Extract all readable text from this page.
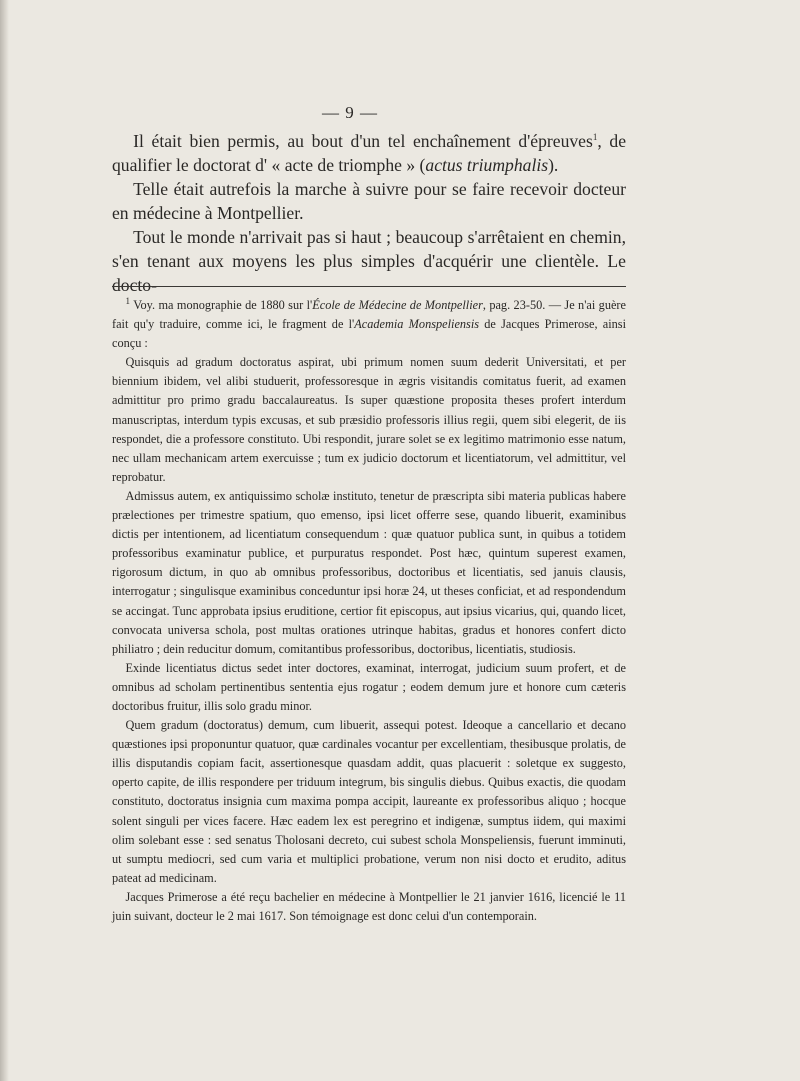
— 9 —

Il était bien permis, au bout d'un tel enchaînement d'épreuves$^1$, de qualifier le doctorat d' « acte de triomphe » (actus triumphalis).

Telle était autrefois la marche à suivre pour se faire recevoir docteur en médecine à Montpellier.

Tout le monde n'arrivait pas si haut ; beaucoup s'arrêtaient en chemin, s'en tenant aux moyens les plus simples d'acquérir une clientèle. Le docto-

$^1$ Voy. ma monographie de 1880 sur l'École de Médecine de Montpellier, pag. 23-50. — Je n'ai guère fait qu'y traduire, comme ici, le fragment de l'Academia Monspeliensis de Jacques Primerose, ainsi conçu :

Quisquis ad gradum doctoratus aspirat, ubi primum nomen suum dederit Universitati, et per biennium ibidem, vel alibi studuerit, professoresque in ægris visitandis comitatus fuerit, ad examen admittitur pro primo gradu baccalaureatus. Is super quæstione proposita theses profert interdum manuscriptas, interdum typis excusas, et sub præsidio professoris illius regii, quem sibi elegerit, de iis respondet, die a professore constituto. Ubi respondit, jurare solet se ex legitimo matrimonio esse natum, nec ullam mechanicam artem exercuisse ; tum ex judicio doctorum et licentiatorum, vel admittitur, vel reprobatur.

Admissus autem, ex antiquissimo scholæ instituto, tenetur de præscripta sibi materia publicas habere prælectiones per trimestre spatium, quo emenso, ipsi licet offerre sese, quando libuerit, examinibus dictis per intentionem, ad licentiatum consequendum : quæ quatuor publica sunt, in quibus a totidem professoribus examinatur publice, et purpuratus respondet. Post hæc, quintum superest examen, rigorosum dictum, in quo ab omnibus professoribus, doctoribus et licentiatis, sed januis clausis, interrogatur ; singulisque examinibus conceduntur ipsi horæ 24, ut theses conficiat, et ad respondendum se accingat. Tunc approbata ipsius eruditione, certior fit episcopus, aut ipsius vicarius, qui, quando licet, convocata universa schola, post multas orationes utrinque habitas, gradus et honores confert dicto philiatro ; dein reducitur domum, comitantibus professoribus, doctoribus, licentiatis, studiosis.

Exinde licentiatus dictus sedet inter doctores, examinat, interrogat, judicium suum profert, et de omnibus ad scholam pertinentibus sententia ejus rogatur ; eodem demum jure et honore cum cæteris doctoribus fruitur, illis solo gradu minor.

Quem gradum (doctoratus) demum, cum libuerit, assequi potest. Ideoque a cancellario et decano quæstiones ipsi proponuntur quatuor, quæ cardinales vocantur per excellentiam, thesibusque prolatis, de illis disputandis copiam facit, assertionesque quasdam addit, quas placuerit : soletque ex suggesto, operto capite, de illis respondere per triduum integrum, bis singulis diebus. Quibus exactis, die quodam constituto, doctoratus insignia cum maxima pompa accipit, laureante ex professoribus aliquo ; hocque solent singuli per vices facere. Hæc eadem lex est peregrino et indigenæ, sumptus iidem, qui maximi olim solebant esse : sed senatus Tholosani decreto, cui subest schola Monspeliensis, fuerunt imminuti, ut sumptu mediocri, sed cum varia et multiplici probatione, verum non nisi docto et erudito, aditus pateat ad medicinam.

Jacques Primerose a été reçu bachelier en médecine à Montpellier le 21 janvier 1616, licencié le 11 juin suivant, docteur le 2 mai 1617. Son témoignage est donc celui d'un contemporain.
